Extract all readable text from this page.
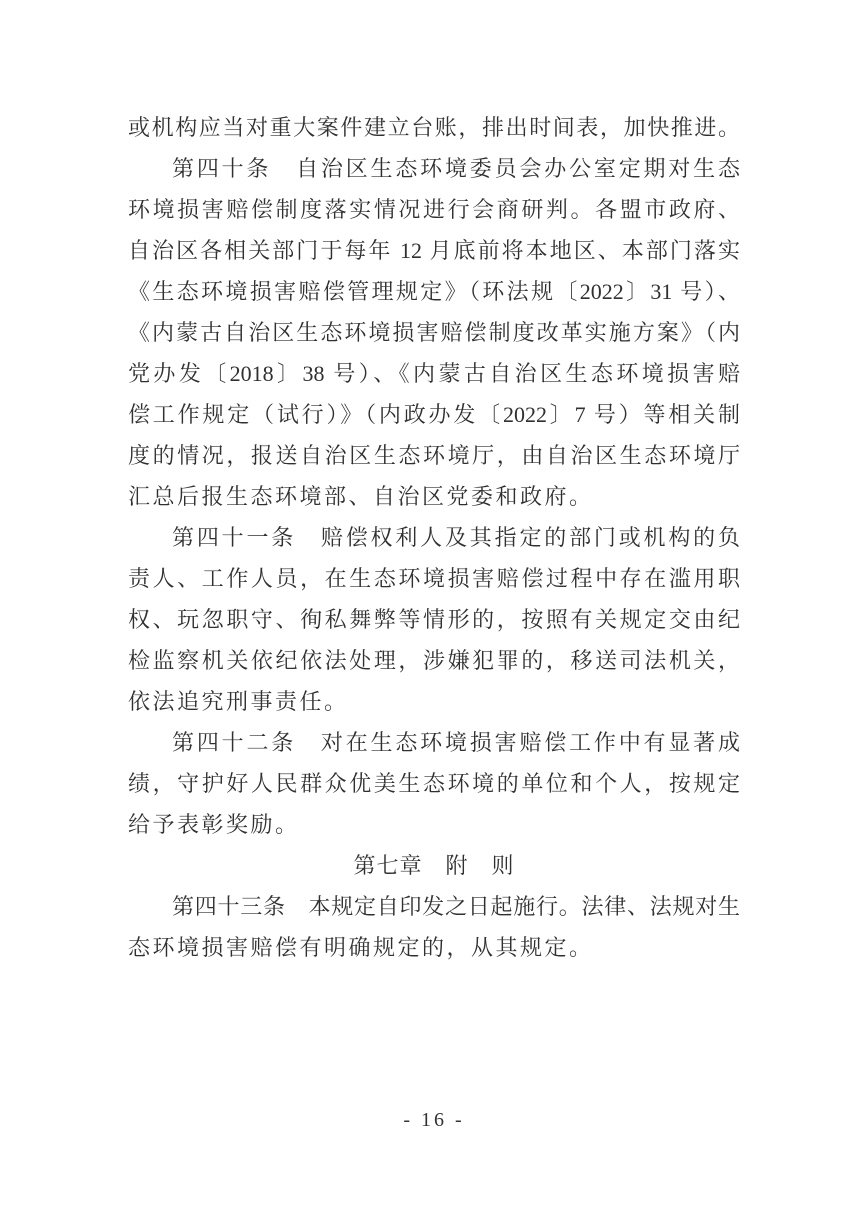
或机构应当对重大案件建立台账，排出时间表，加快推进。
第四十条　自治区生态环境委员会办公室定期对生态
环境损害赔偿制度落实情况进行会商研判。各盟市政府、
自治区各相关部门于每年 12 月底前将本地区、本部门落实
《生态环境损害赔偿管理规定》（环法规〔2022〕31 号）、
《内蒙古自治区生态环境损害赔偿制度改革实施方案》（内
党办发〔2018〕38 号）、《内蒙古自治区生态环境损害赔
偿工作规定（试行）》（内政办发〔2022〕7 号）等相关制
度的情况，报送自治区生态环境厅，由自治区生态环境厅
汇总后报生态环境部、自治区党委和政府。
第四十一条　赔偿权利人及其指定的部门或机构的负
责人、工作人员，在生态环境损害赔偿过程中存在滥用职
权、玩忽职守、徇私舞弊等情形的，按照有关规定交由纪
检监察机关依纪依法处理，涉嫌犯罪的，移送司法机关，
依法追究刑事责任。
第四十二条　对在生态环境损害赔偿工作中有显著成
绩，守护好人民群众优美生态环境的单位和个人，按规定
给予表彰奖励。
第七章　附　则
第四十三条　本规定自印发之日起施行。法律、法规对生
态环境损害赔偿有明确规定的，从其规定。
- 16 -
